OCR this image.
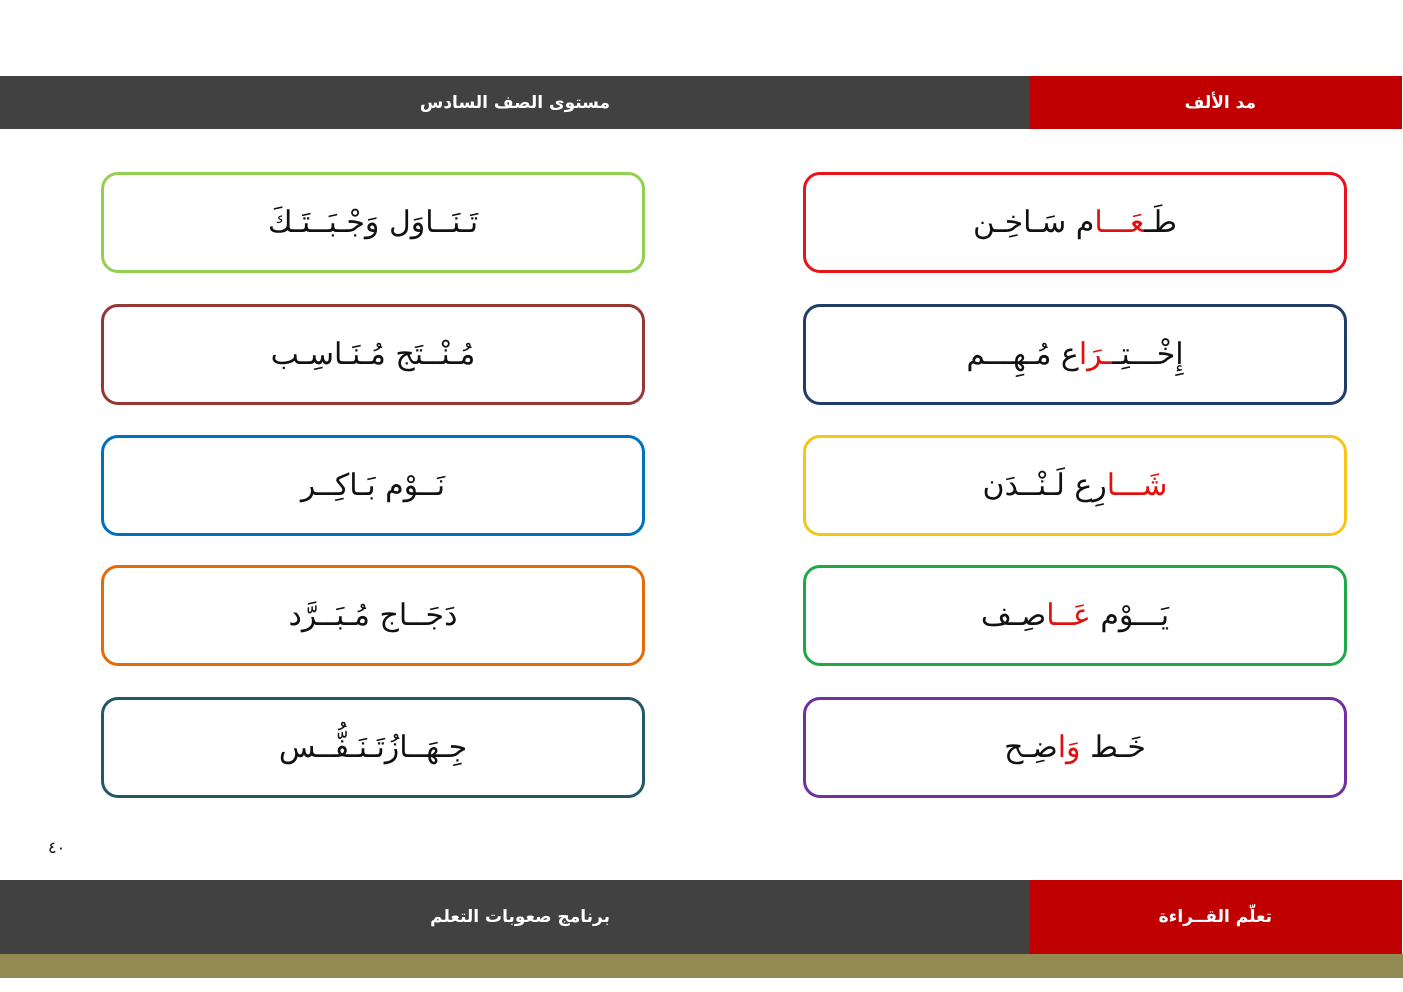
مستوى الصف السادس	مد الألف
طَـعَـــام سَـاخِـن
إِخْـــتِــرَاع مُـهِـــم
شَـــارِع لَـنْــدَن
يَـــوْم عَــاصِـف
خَـط وَاضِـح
تَـنَــاوَل وَجْـبَــتَـكَ
مُـنْــتَج مُـنَـاسِـب
نَــوْم بَـاكِــر
دَجَــاج مُـبَــرَّد
جِـهَــازُتَـنَـفُّــس
٤٠
برنامج صعوبات التعلم	تعلّم القــراءة
